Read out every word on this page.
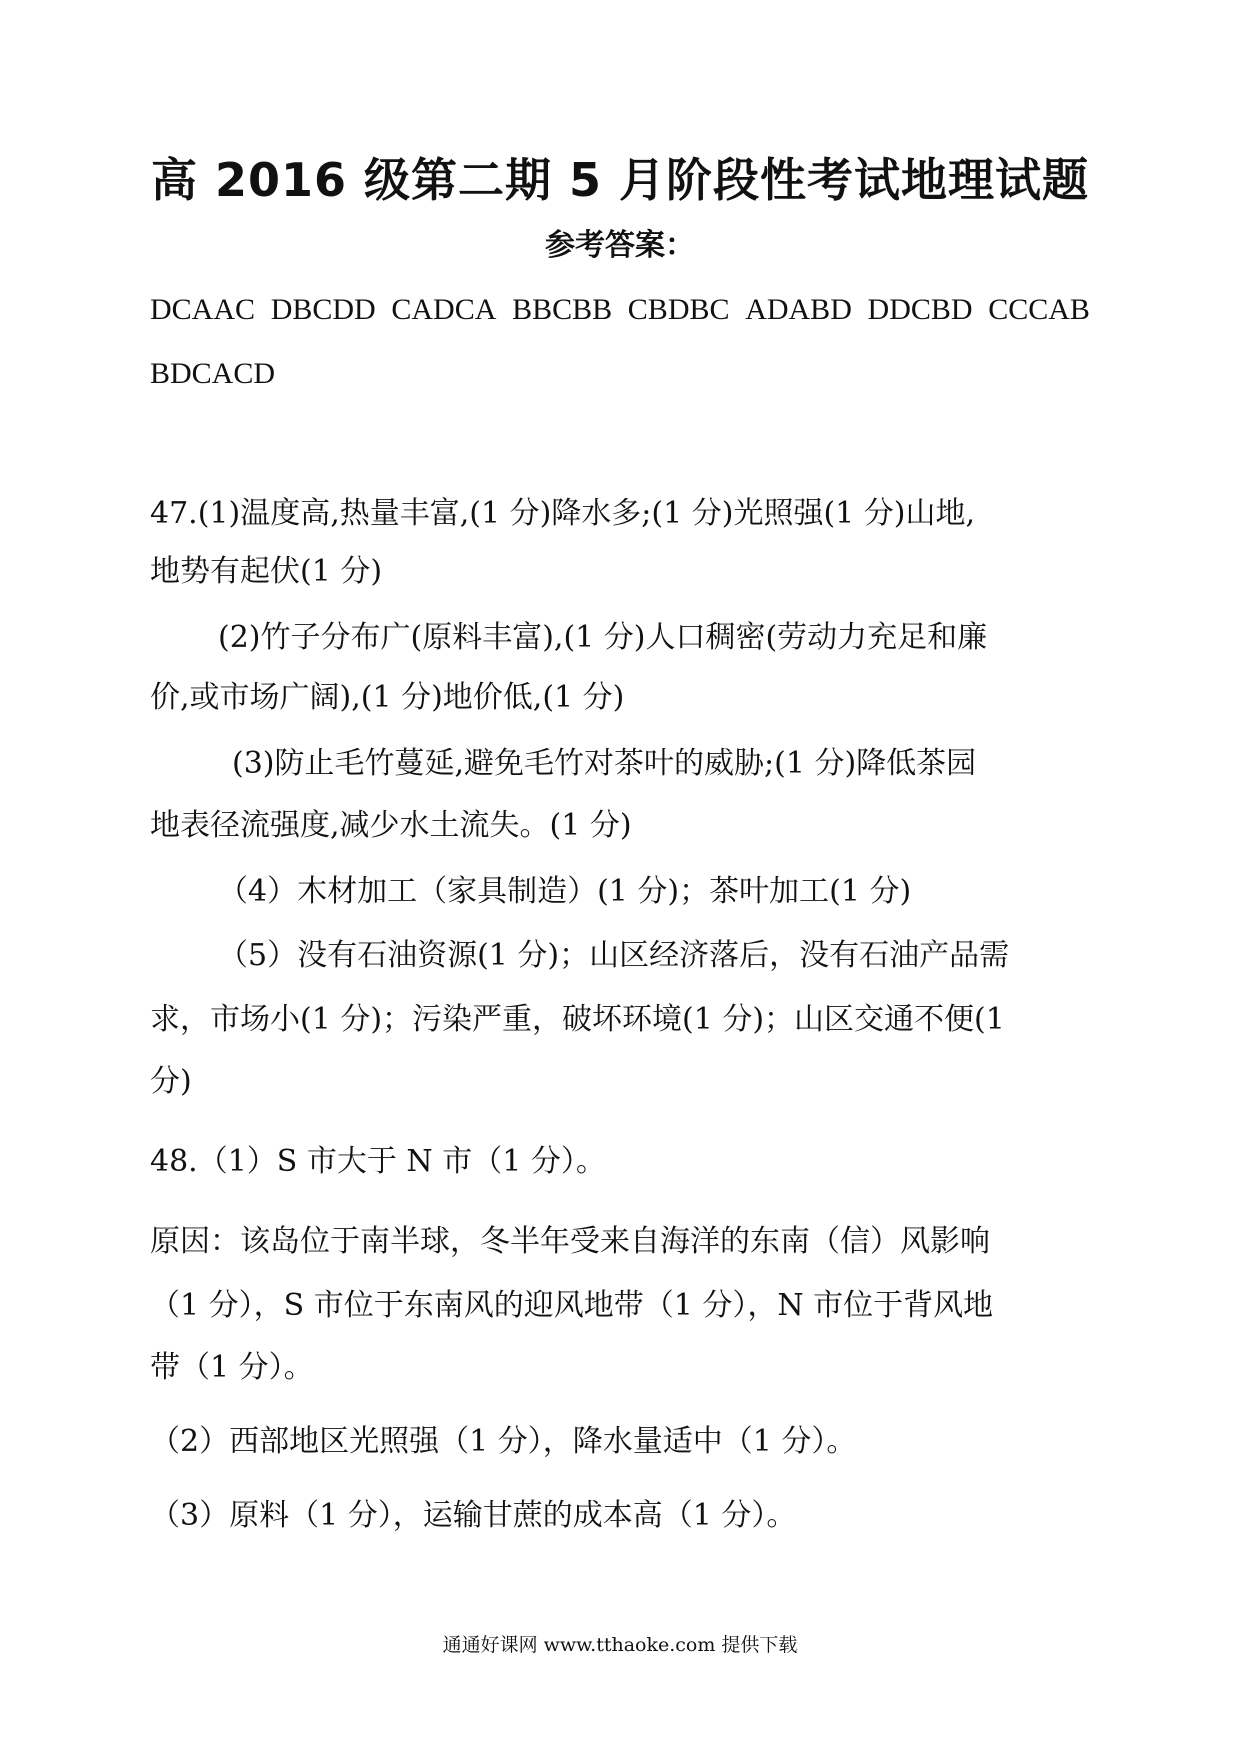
高 2016 级第二期 5 月阶段性考试地理试题
参考答案：
DCAAC DBCDD CADCA BBCBB CBDBC ADABD DDCBD CCCAB
BDCACD
47.(1)温度高,热量丰富,(1 分)降水多;(1 分)光照强(1 分)山地,
地势有起伏(1 分)
(2)竹子分布广(原料丰富),(1 分)人口稠密(劳动力充足和廉
价,或市场广阔),(1 分)地价低,(1 分)
(3)防止毛竹蔓延,避免毛竹对茶叶的威胁;(1 分)降低茶园
地表径流强度,减少水土流失。(1 分)
（4）木材加工（家具制造）(1 分)；茶叶加工(1 分)
（5）没有石油资源(1 分)；山区经济落后，没有石油产品需
求，市场小(1 分)；污染严重，破坏环境(1 分)；山区交通不便(1
分)
48.（1）S 市大于 N 市（1 分）。
原因：该岛位于南半球，冬半年受来自海洋的东南（信）风影响
（1 分），S 市位于东南风的迎风地带（1 分），N 市位于背风地
带（1 分）。
（2）西部地区光照强（1 分），降水量适中（1 分）。
（3）原料（1 分），运输甘蔗的成本高（1 分）。
通通好课网 www.tthaoke.com 提供下载
